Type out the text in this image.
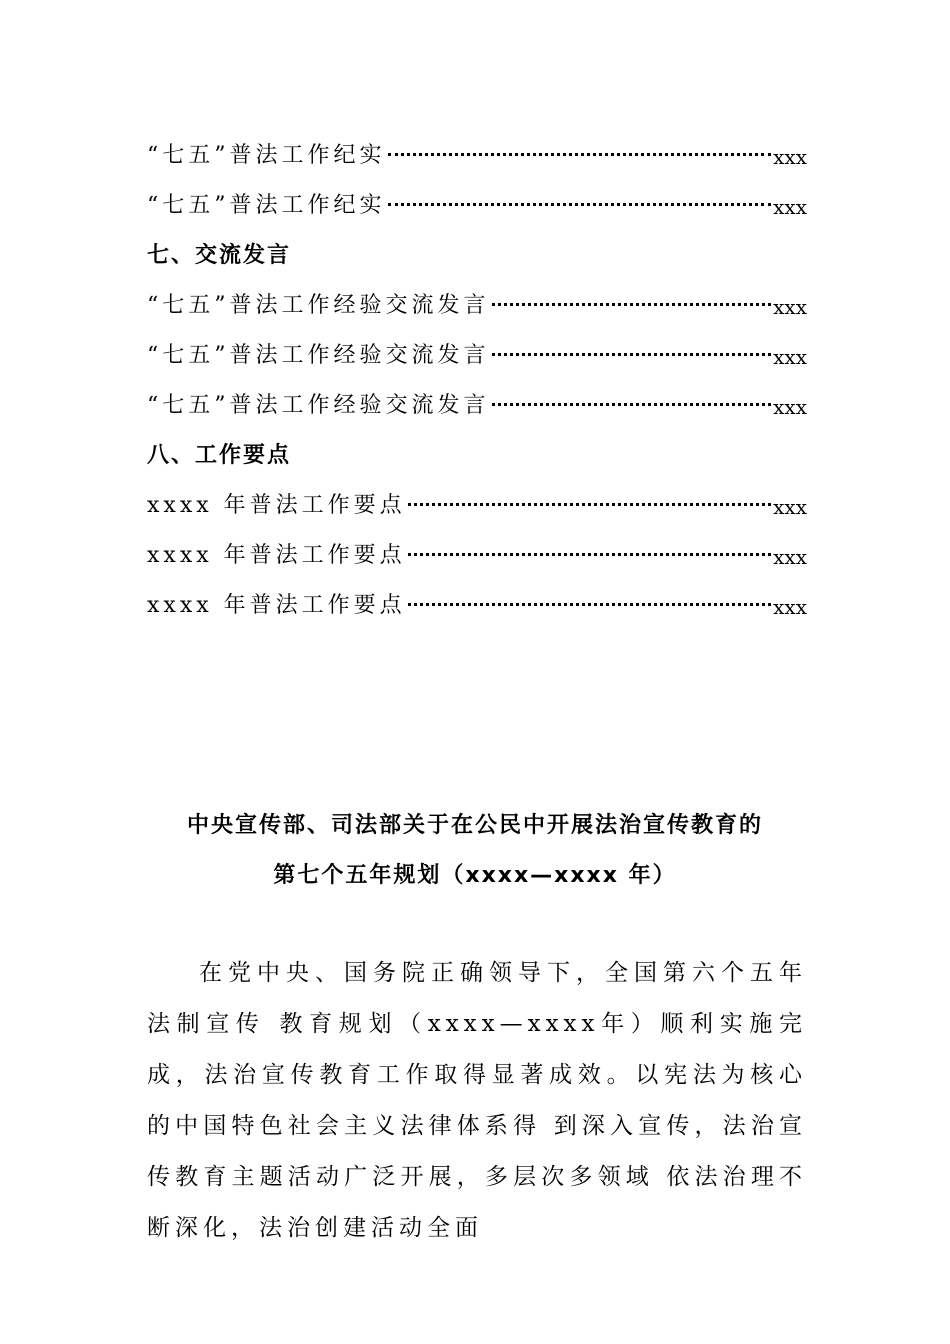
“七五”普法工作纪实	xxx
“七五”普法工作纪实	xxx
七、交流发言
“七五”普法工作经验交流发言	xxx
“七五”普法工作经验交流发言	xxx
“七五”普法工作经验交流发言	xxx
八、工作要点
xxxx 年普法工作要点	xxx
xxxx 年普法工作要点	xxx
xxxx 年普法工作要点	xxx
中央宣传部、司法部关于在公民中开展法治宣传教育的
第七个五年规划（xxxx—xxxx 年）

在党中央、国务院正确领导下，全国第六个五年法制宣传 教育规划（xxxx—xxxx年）顺利实施完成，法治宣传教育工作取得显著成效。以宪法为核心的中国特色社会主义法律体系得 到深入宣传，法治宣传教育主题活动广泛开展，多层次多领域 依法治理不断深化，法治创建活动全面
